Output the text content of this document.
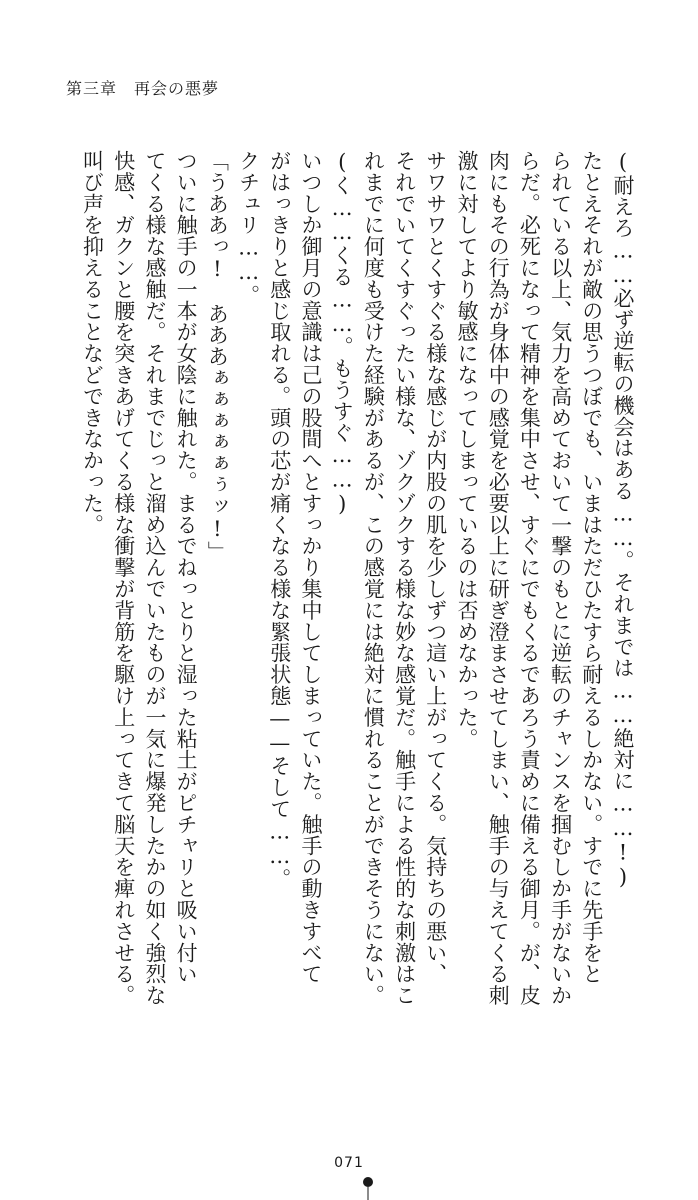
第三章　再会の悪夢
(耐えろ……必ず逆転の機会はある……。それまでは……絶対に……!)
たとえそれが敵の思うつぼでも、いまはただひたすら耐えるしかない。すでに先手をと
られている以上、気力を高めておいて一撃のもとに逆転のチャンスを掴むしか手がないか
らだ。必死になって精神を集中させ、すぐにでもくるであろう責めに備える御月。が、皮
肉にもその行為が身体中の感覚を必要以上に研ぎ澄まさせてしまい、触手の与えてくる刺
激に対してより敏感になってしまっているのは否めなかった。
サワサワとくすぐる様な感じが内股の肌を少しずつ這い上がってくる。気持ちの悪い、
それでいてくすぐったい様な、ゾクゾクする様な妙な感覚だ。触手による性的な刺激はこ
れまでに何度も受けた経験があるが、この感覚には絶対に慣れることができそうにない。
(く……くる……。もうすぐ……)
いつしか御月の意識は己の股間へとすっかり集中してしまっていた。触手の動きすべて
がはっきりと感じ取れる。頭の芯が痛くなる様な緊張状態——そして……。
クチュリ……。
「うああっ!　あああぁぁぁぁぁぅッ!」
ついに触手の一本が女陰に触れた。まるでねっとりと湿った粘土がピチャリと吸い付い
てくる様な感触だ。それまでじっと溜め込んでいたものが一気に爆発したかの如く強烈な
快感、ガクンと腰を突きあげてくる様な衝撃が背筋を駆け上ってきて脳天を痺れさせる。
叫び声を抑えることなどできなかった。
071
